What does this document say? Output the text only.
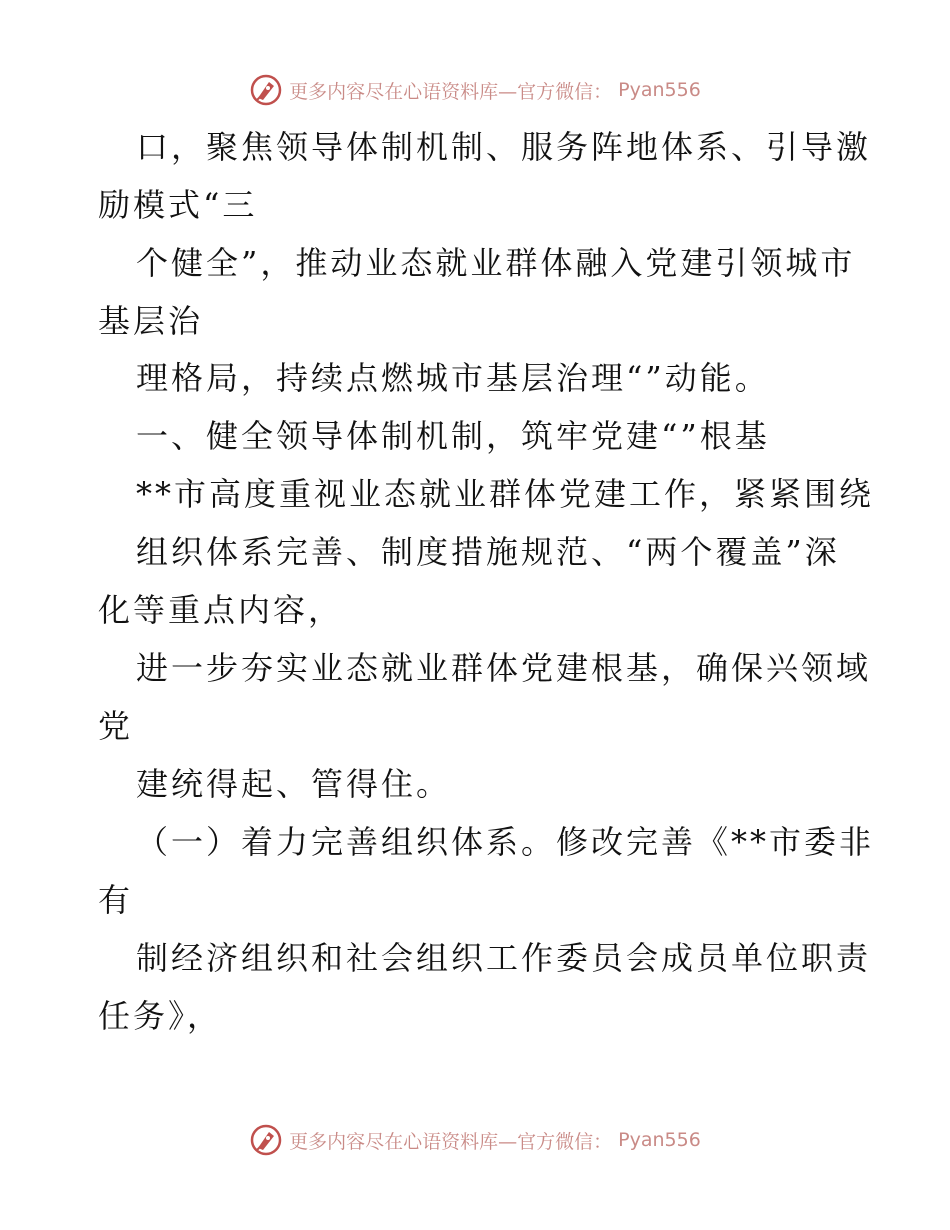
更多内容尽在心语资料库—官方微信： Pyan556
口，聚焦领导体制机制、服务阵地体系、引导激
励模式“三
个健全”，推动业态就业群体融入党建引领城市
基层治
理格局，持续点燃城市基层治理“”动能。
一、健全领导体制机制，筑牢党建“”根基
**市高度重视业态就业群体党建工作，紧紧围绕
组织体系完善、制度措施规范、“两个覆盖”深
化等重点内容，
进一步夯实业态就业群体党建根基，确保兴领域
党
建统得起、管得住。
（一）着力完善组织体系。修改完善《**市委非
有
制经济组织和社会组织工作委员会成员单位职责
任务》，
更多内容尽在心语资料库—官方微信： Pyan556
